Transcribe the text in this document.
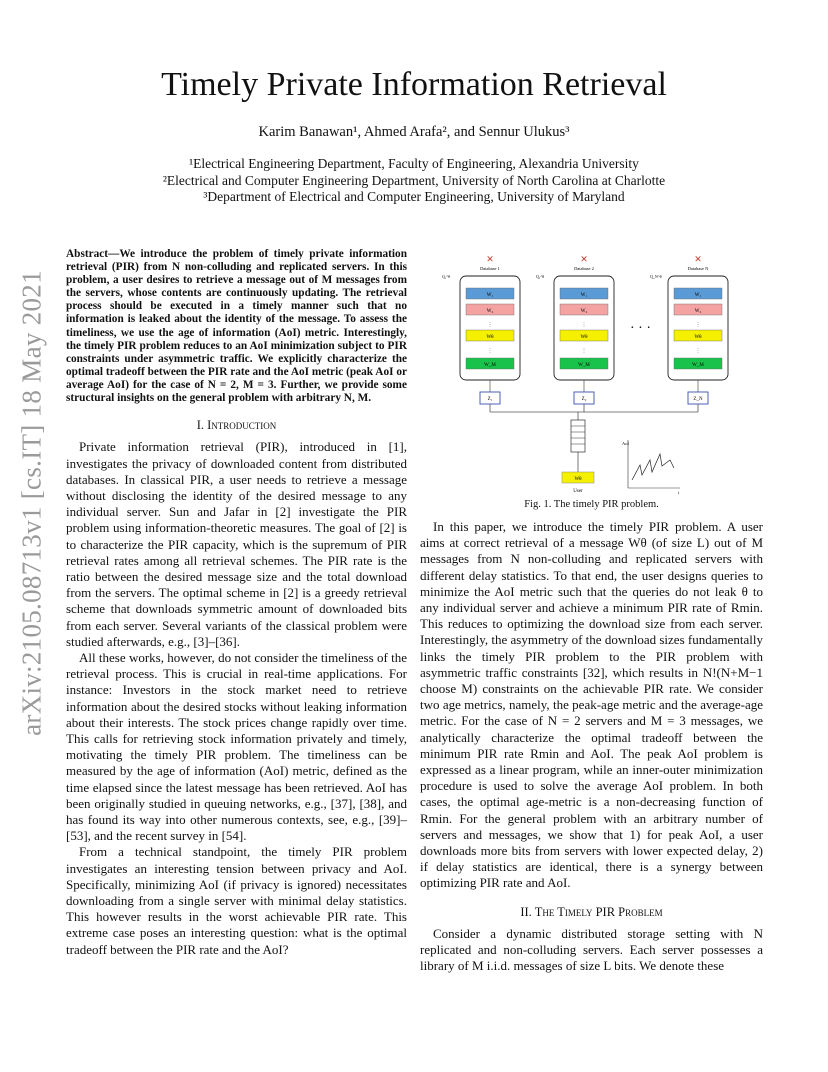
Timely Private Information Retrieval
Karim Banawan¹, Ahmed Arafa², and Sennur Ulukus³
¹Electrical Engineering Department, Faculty of Engineering, Alexandria University
²Electrical and Computer Engineering Department, University of North Carolina at Charlotte
³Department of Electrical and Computer Engineering, University of Maryland
arXiv:2105.08713v1 [cs.IT] 18 May 2021
Abstract—We introduce the problem of timely private information retrieval (PIR) from N non-colluding and replicated servers. In this problem, a user desires to retrieve a message out of M messages from the servers, whose contents are continuously updating. The retrieval process should be executed in a timely manner such that no information is leaked about the identity of the message. To assess the timeliness, we use the age of information (AoI) metric. Interestingly, the timely PIR problem reduces to an AoI minimization subject to PIR constraints under asymmetric traffic. We explicitly characterize the optimal tradeoff between the PIR rate and the AoI metric (peak AoI or average AoI) for the case of N = 2, M = 3. Further, we provide some structural insights on the general problem with arbitrary N, M.
I. Introduction

Private information retrieval (PIR), introduced in [1], investigates the privacy of downloaded content from distributed databases. In classical PIR, a user needs to retrieve a message without disclosing the identity of the desired message to any individual server. Sun and Jafar in [2] investigate the PIR problem using information-theoretic measures. The goal of [2] is to characterize the PIR capacity, which is the supremum of PIR retrieval rates among all retrieval schemes. The PIR rate is the ratio between the desired message size and the total download from the servers. The optimal scheme in [2] is a greedy retrieval scheme that downloads symmetric amount of downloaded bits from each server. Several variants of the classical problem were studied afterwards, e.g., [3]–[36].

All these works, however, do not consider the timeliness of the retrieval process. This is crucial in real-time applications. For instance: Investors in the stock market need to retrieve information about the desired stocks without leaking information about their interests. The stock prices change rapidly over time. This calls for retrieving stock information privately and timely, motivating the timely PIR problem. The timeliness can be measured by the age of information (AoI) metric, defined as the time elapsed since the latest message has been retrieved. AoI has been originally studied in queuing networks, e.g., [37], [38], and has found its way into other numerous contexts, see, e.g., [39]–[53], and the recent survey in [54].

From a technical standpoint, the timely PIR problem investigates an interesting tension between privacy and AoI. Specifically, minimizing AoI (if privacy is ignored) necessitates downloading from a single server with minimal delay statistics. This however results in the worst achievable PIR rate. This extreme case poses an interesting question: what is the optimal tradeoff between the PIR rate and the AoI?

✕
Database 1
Q₁^θ
W₁
W₂
⋮
Wθ
⋮
W_M
Z₁
✕
Database 2
Q₂^θ
W₁
W₂
⋮
Wθ
⋮
W_M
Z₂
✕
Database N
Q_N^θ
W₁
W₂
⋮
Wθ
⋮
W_M
Z_N
· · ·
Wθ
User
AoI
t
Fig. 1. The timely PIR problem.

In this paper, we introduce the timely PIR problem. A user aims at correct retrieval of a message Wθ (of size L) out of M messages from N non-colluding and replicated servers with different delay statistics. To that end, the user designs queries to minimize the AoI metric such that the queries do not leak θ to any individual server and achieve a minimum PIR rate of Rmin. This reduces to optimizing the download size from each server. Interestingly, the asymmetry of the download sizes fundamentally links the timely PIR problem to the PIR problem with asymmetric traffic constraints [32], which results in N!(N+M−1 choose M) constraints on the achievable PIR rate. We consider two age metrics, namely, the peak-age metric and the average-age metric. For the case of N = 2 servers and M = 3 messages, we analytically characterize the optimal tradeoff between the minimum PIR rate Rmin and AoI. The peak AoI problem is expressed as a linear program, while an inner-outer minimization procedure is used to solve the average AoI problem. In both cases, the optimal age-metric is a non-decreasing function of Rmin. For the general problem with an arbitrary number of servers and messages, we show that 1) for peak AoI, a user downloads more bits from servers with lower expected delay, 2) if delay statistics are identical, there is a synergy between optimizing PIR rate and AoI.

II. The Timely PIR Problem

Consider a dynamic distributed storage setting with N replicated and non-colluding servers. Each server possesses a library of M i.i.d. messages of size L bits. We denote these
